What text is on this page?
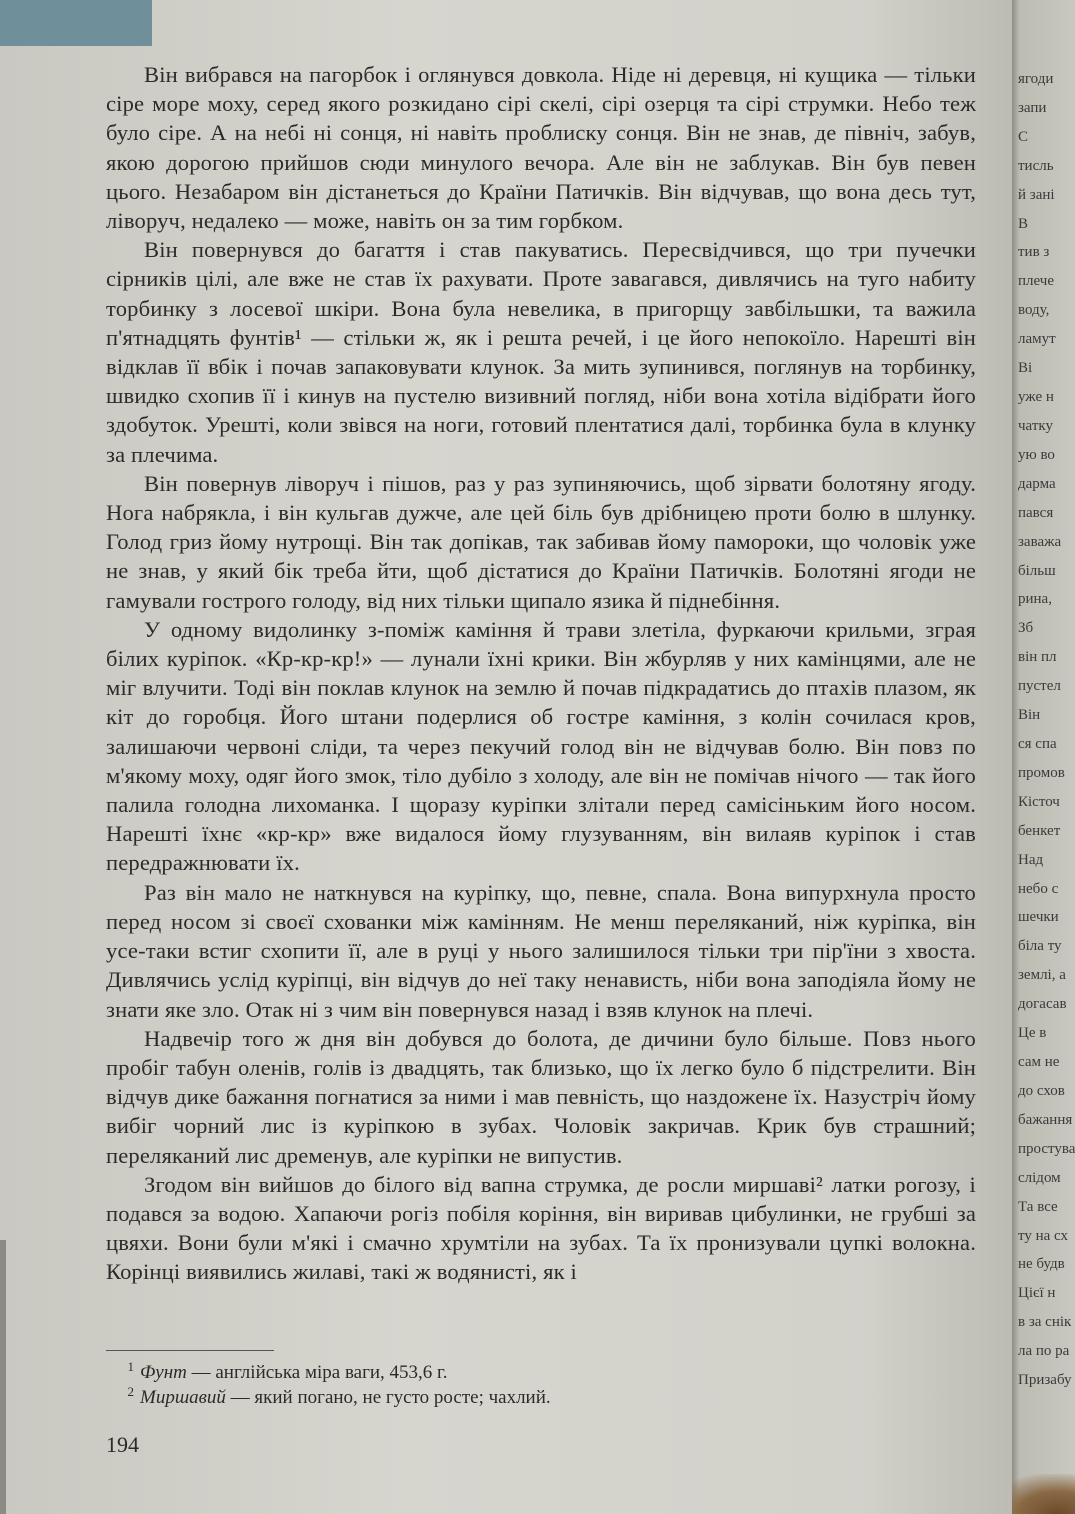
Він вибрався на пагорбок і оглянувся довкола. Ніде ні деревця, ні кущика — тільки сіре море моху, серед якого розкидано сірі скелі, сірі озерця та сірі струмки. Небо теж було сіре. А на небі ні сонця, ні навіть проблиску сонця. Він не знав, де північ, забув, якою дорогою прийшов сюди минулого вечора. Але він не заблукав. Він був певен цього. Незабаром він дістанеться до Країни Патичків. Він відчував, що вона десь тут, ліворуч, недалеко — може, навіть он за тим горбком.

Він повернувся до багаття і став пакуватись. Пересвідчився, що три пучечки сірників цілі, але вже не став їх рахувати. Проте завагався, дивлячись на туго набиту торбинку з лосевої шкіри. Вона була невелика, в пригорщу завбільшки, та важила п'ятнадцять фунтів¹ — стільки ж, як і решта речей, і це його непокоїло. Нарешті він відклав її вбік і почав запаковувати клунок. За мить зупинився, поглянув на торбинку, швидко схопив її і кинув на пустелю визивний погляд, ніби вона хотіла відібрати його здобуток. Урешті, коли звівся на ноги, готовий плентатися далі, торбинка була в клунку за плечима.

Він повернув ліворуч і пішов, раз у раз зупиняючись, щоб зірвати болотяну ягоду. Нога набрякла, і він кульгав дужче, але цей біль був дрібницею проти болю в шлунку. Голод гриз йому нутрощі. Він так допікав, так забивав йому памороки, що чоловік уже не знав, у який бік треба йти, щоб дістатися до Країни Патичків. Болотяні ягоди не гамували гострого голоду, від них тільки щипало язика й піднебіння.

У одному видолинку з-поміж каміння й трави злетіла, фуркаючи крильми, зграя білих куріпок. «Кр-кр-кр!» — лунали їхні крики. Він жбурляв у них камінцями, але не міг влучити. Тоді він поклав клунок на землю й почав підкрадатись до птахів плазом, як кіт до горобця. Його штани подерлися об гостре каміння, з колін сочилася кров, залишаючи червоні сліди, та через пекучий голод він не відчував болю. Він повз по м'якому моху, одяг його змок, тіло дубіло з холоду, але він не помічав нічого — так його палила голодна лихоманка. І щоразу куріпки злітали перед самісіньким його носом. Нарешті їхнє «кр-кр» вже видалося йому глузуванням, він вилаяв куріпок і став передражнювати їх.

Раз він мало не наткнувся на куріпку, що, певне, спала. Вона випурхнула просто перед носом зі своєї схованки між камінням. Не менш переляканий, ніж куріпка, він усе-таки встиг схопити її, але в руці у нього залишилося тільки три пір'їни з хвоста. Дивлячись услід куріпці, він відчув до неї таку ненависть, ніби вона заподіяла йому не знати яке зло. Отак ні з чим він повернувся назад і взяв клунок на плечі.

Надвечір того ж дня він добувся до болота, де дичини було більше. Повз нього пробіг табун оленів, голів із двадцять, так близько, що їх легко було б підстрелити. Він відчув дике бажання погнатися за ними і мав певність, що наздожене їх. Назустріч йому вибіг чорний лис із куріпкою в зубах. Чоловік закричав. Крик був страшний; переляканий лис дременув, але куріпки не випустив.

Згодом він вийшов до білого від вапна струмка, де росли миршаві² латки рогозу, і подався за водою. Хапаючи рогіз побіля коріння, він виривав цибулинки, не грубші за цвяхи. Вони були м'які і смачно хрумтіли на зубах. Та їх пронизували цупкі волокна. Корінці виявились жилаві, такі ж водянисті, як і

1 Фунт — англійська міра ваги, 453,6 г.
2 Миршавий — який погано, не густо росте; чахлий.
194
ягоди
запи
С
тисль
й зані
В
тив з
плече
воду,
ламут
Ві
уже н
чатку
ую во
дарма
пався
заважа
більш
рина,
Зб
він пл
пустел
Він
ся спа
промов
Кісточ
бенкет
Над
небо с
шечки
біла ту
землі, а
догасав
Це в
сам не
до схов
бажання
простува
слідом
Та все
ту на сх
не будв
Цієї н
в за снік
ла по ра
Призабу
